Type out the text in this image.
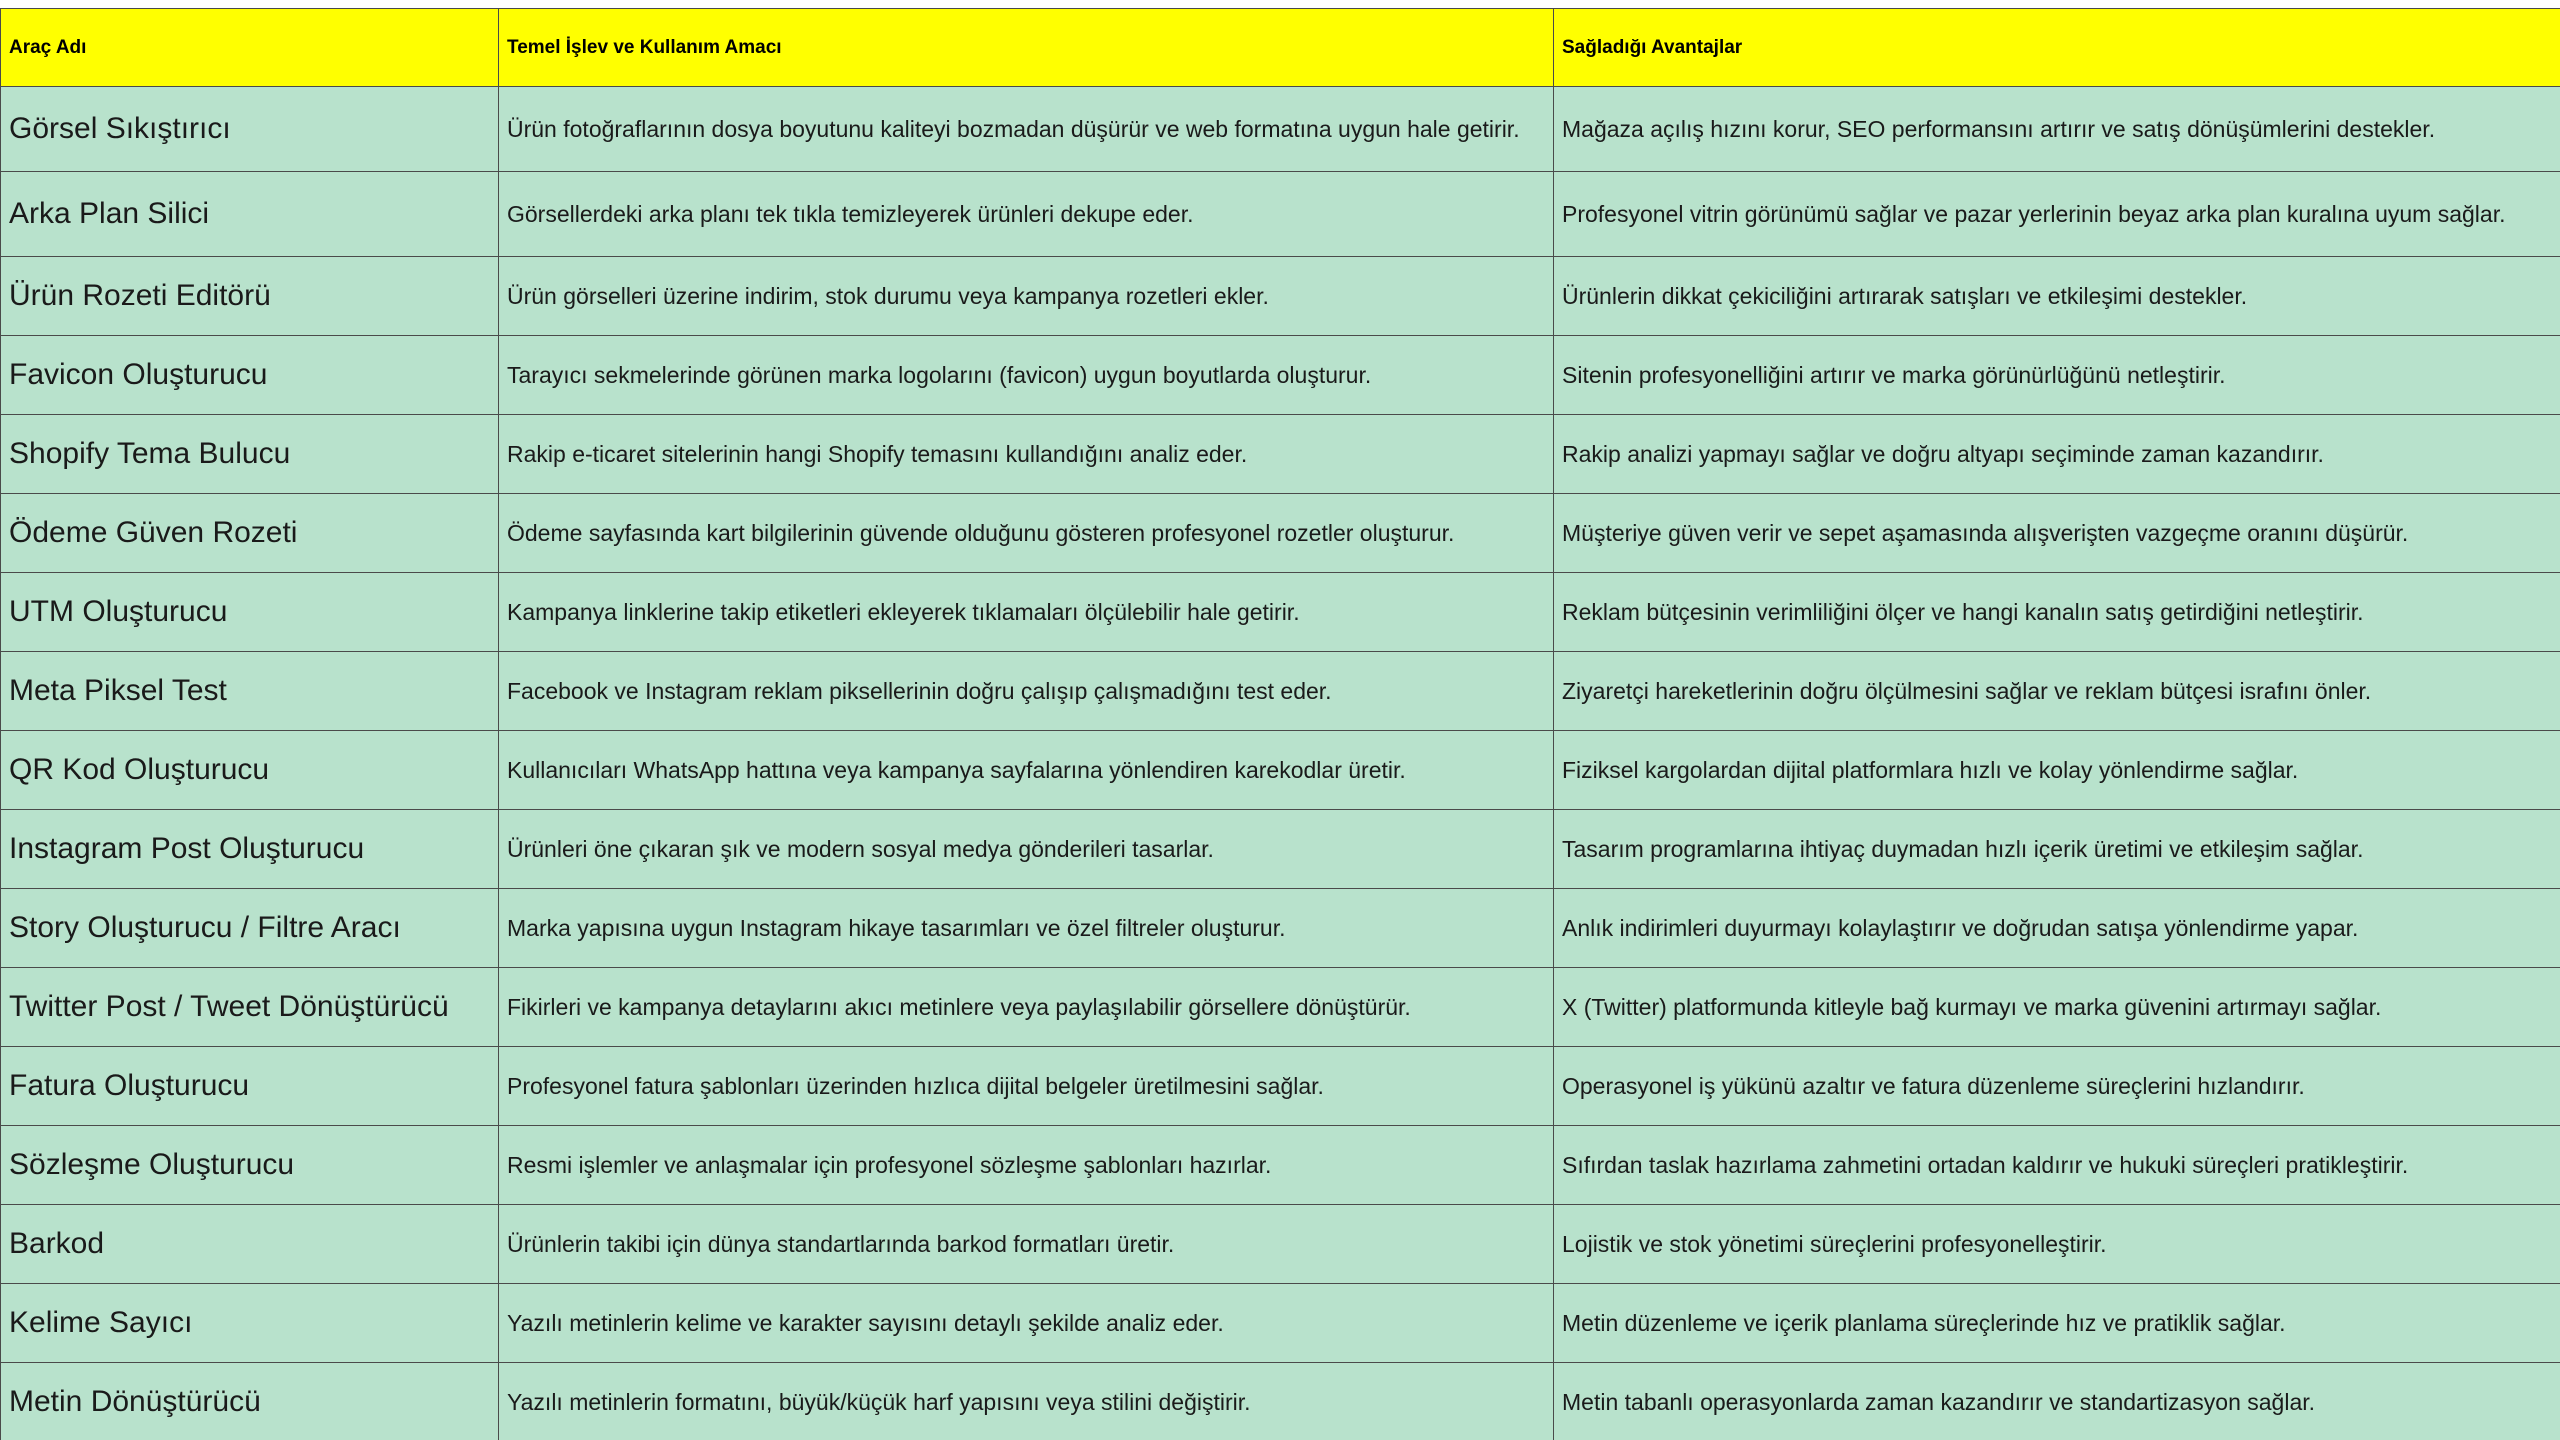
Araç Adı	Temel İşlev ve Kullanım Amacı	Sağladığı Avantajlar
Görsel Sıkıştırıcı	Ürün fotoğraflarının dosya boyutunu kaliteyi bozmadan düşürür ve web formatına uygun hale getirir.	Mağaza açılış hızını korur, SEO performansını artırır ve satış dönüşümlerini destekler.
Arka Plan Silici	Görsellerdeki arka planı tek tıkla temizleyerek ürünleri dekupe eder.	Profesyonel vitrin görünümü sağlar ve pazar yerlerinin beyaz arka plan kuralına uyum sağlar.
Ürün Rozeti Editörü	Ürün görselleri üzerine indirim, stok durumu veya kampanya rozetleri ekler.	Ürünlerin dikkat çekiciliğini artırarak satışları ve etkileşimi destekler.
Favicon Oluşturucu	Tarayıcı sekmelerinde görünen marka logolarını (favicon) uygun boyutlarda oluşturur.	Sitenin profesyonelliğini artırır ve marka görünürlüğünü netleştirir.
Shopify Tema Bulucu	Rakip e-ticaret sitelerinin hangi Shopify temasını kullandığını analiz eder.	Rakip analizi yapmayı sağlar ve doğru altyapı seçiminde zaman kazandırır.
Ödeme Güven Rozeti	Ödeme sayfasında kart bilgilerinin güvende olduğunu gösteren profesyonel rozetler oluşturur.	Müşteriye güven verir ve sepet aşamasında alışverişten vazgeçme oranını düşürür.
UTM Oluşturucu	Kampanya linklerine takip etiketleri ekleyerek tıklamaları ölçülebilir hale getirir.	Reklam bütçesinin verimliliğini ölçer ve hangi kanalın satış getirdiğini netleştirir.
Meta Piksel Test	Facebook ve Instagram reklam piksellerinin doğru çalışıp çalışmadığını test eder.	Ziyaretçi hareketlerinin doğru ölçülmesini sağlar ve reklam bütçesi israfını önler.
QR Kod Oluşturucu	Kullanıcıları WhatsApp hattına veya kampanya sayfalarına yönlendiren karekodlar üretir.	Fiziksel kargolardan dijital platformlara hızlı ve kolay yönlendirme sağlar.
Instagram Post Oluşturucu	Ürünleri öne çıkaran şık ve modern sosyal medya gönderileri tasarlar.	Tasarım programlarına ihtiyaç duymadan hızlı içerik üretimi ve etkileşim sağlar.
Story Oluşturucu / Filtre Aracı	Marka yapısına uygun Instagram hikaye tasarımları ve özel filtreler oluşturur.	Anlık indirimleri duyurmayı kolaylaştırır ve doğrudan satışa yönlendirme yapar.
Twitter Post / Tweet Dönüştürücü	Fikirleri ve kampanya detaylarını akıcı metinlere veya paylaşılabilir görsellere dönüştürür.	X (Twitter) platformunda kitleyle bağ kurmayı ve marka güvenini artırmayı sağlar.
Fatura Oluşturucu	Profesyonel fatura şablonları üzerinden hızlıca dijital belgeler üretilmesini sağlar.	Operasyonel iş yükünü azaltır ve fatura düzenleme süreçlerini hızlandırır.
Sözleşme Oluşturucu	Resmi işlemler ve anlaşmalar için profesyonel sözleşme şablonları hazırlar.	Sıfırdan taslak hazırlama zahmetini ortadan kaldırır ve hukuki süreçleri pratikleştirir.
Barkod	Ürünlerin takibi için dünya standartlarında barkod formatları üretir.	Lojistik ve stok yönetimi süreçlerini profesyonelleştirir.
Kelime Sayıcı	Yazılı metinlerin kelime ve karakter sayısını detaylı şekilde analiz eder.	Metin düzenleme ve içerik planlama süreçlerinde hız ve pratiklik sağlar.
Metin Dönüştürücü	Yazılı metinlerin formatını, büyük/küçük harf yapısını veya stilini değiştirir.	Metin tabanlı operasyonlarda zaman kazandırır ve standartizasyon sağlar.
